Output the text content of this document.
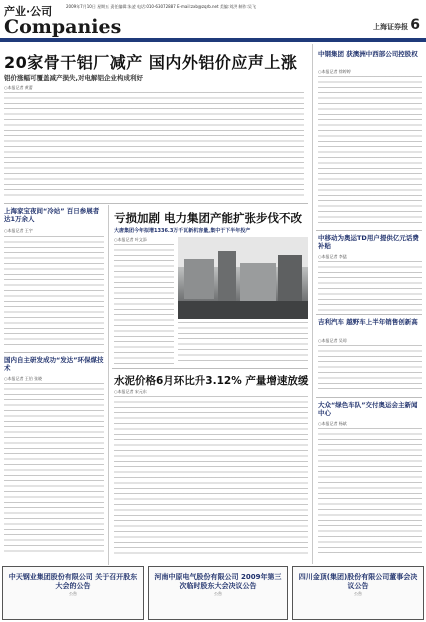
产业·公司	2009年7月10日 星期五 责任编辑:朱凌 电话:010-63072887 E-mail:zxb@zqrb.net 美编:刘洪 制作:吴飞
Companies	上海证券报 6
20家骨干铝厂减产 国内外铝价应声上涨
铝价涨幅可覆盖减产损失,对电解铝企业构成利好
○本报记者 黄蕾
上海家宝夜间“冷站” 百日参展者达1万余人
○本报记者 王宇
国内自主研发成功“发达”环保煤技术
○本报记者 王伯 张晓
亏损加剧 电力集团产能扩张步伐不改
大唐集团今年拟增1336.3万千瓦新机容量,集中于下半年投产
○本报记者 叶文添
水泥价格6月环比升3.12% 产量增速放缓
○本报记者 宋元东
中钢集团 获澳洲中西部公司控股权
○本报记者 徐婷婷
中移动为奥运TD用户提供亿元话费补贴
○本报记者 李猛
吉利汽车 越野车上半年销售创新高
○本报记者 吴琼
大众“绿色车队”交付奥运会主新闻中心
○本报记者 杨斌
中天钢业集团股份有限公司 关于召开股东大会的公告
公告
河南中原电气股份有限公司 2009年第三次临时股东大会决议公告
公告
四川金顶(集团)股份有限公司董事会决议公告
公告
